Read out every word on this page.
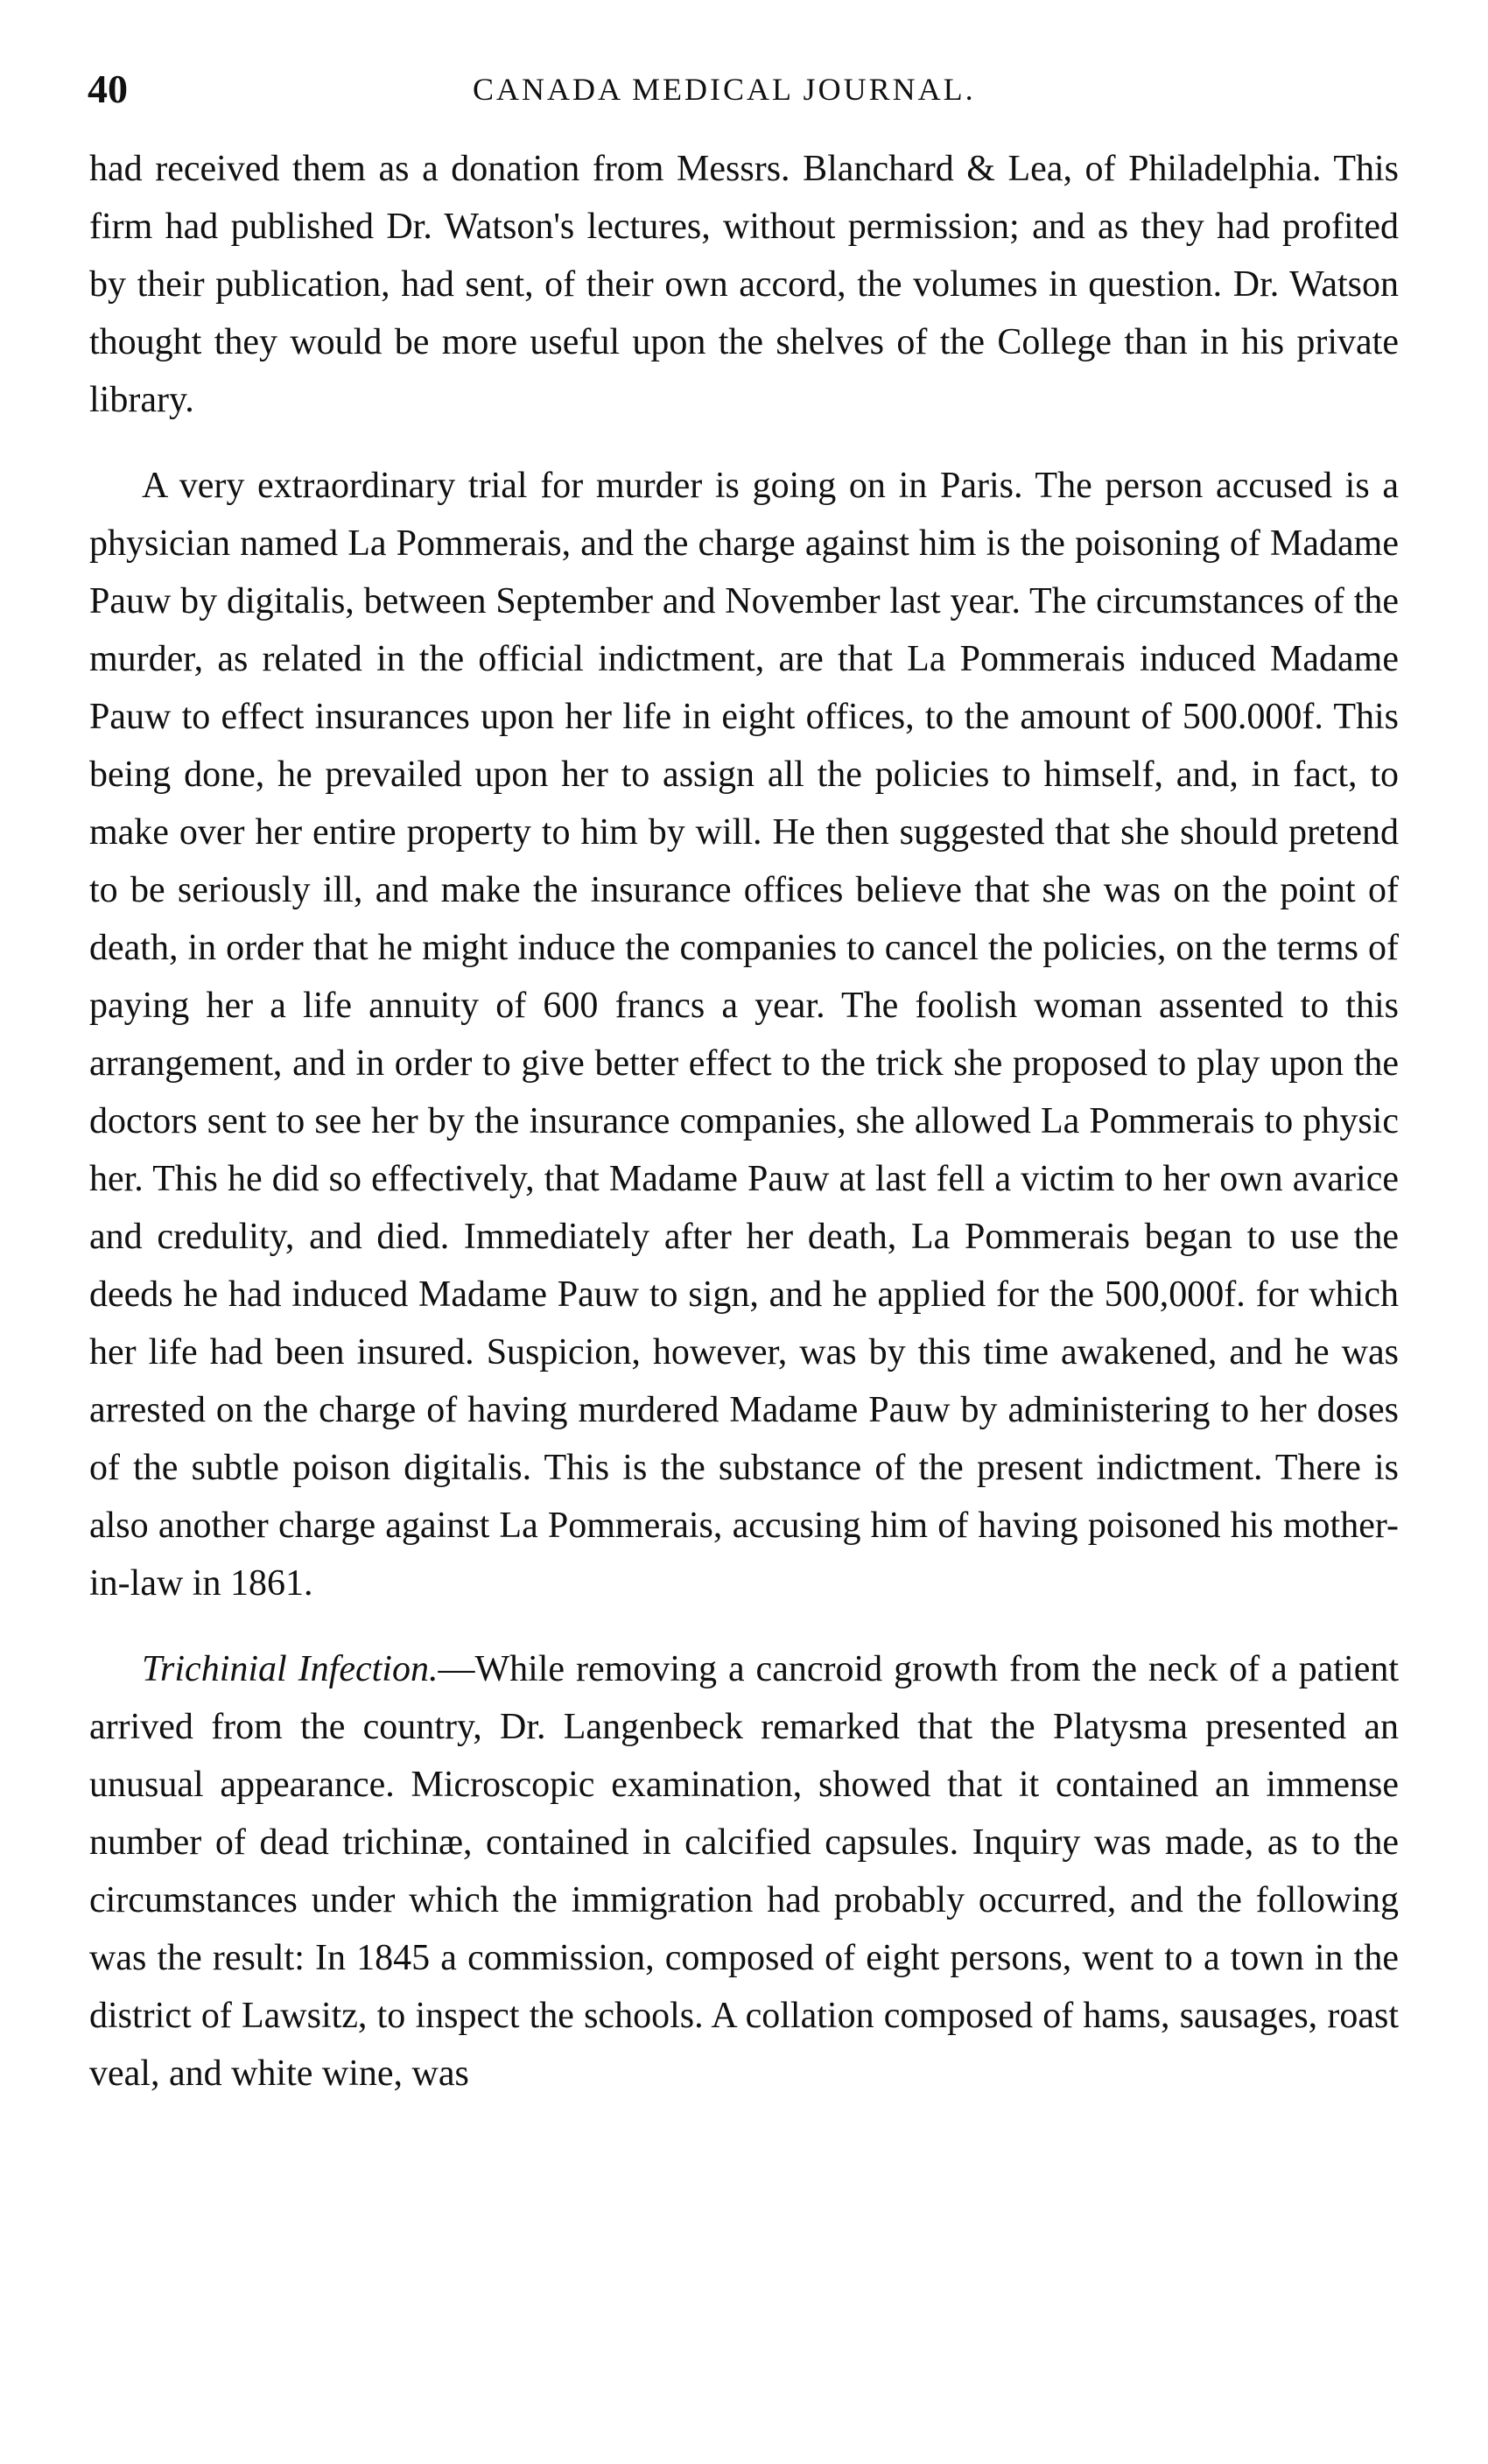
40	CANADA MEDICAL JOURNAL.

had received them as a donation from Messrs. Blanchard & Lea, of Philadelphia. This firm had published Dr. Watson's lectures, without permission; and as they had profited by their publication, had sent, of their own accord, the volumes in question. Dr. Watson thought they would be more useful upon the shelves of the College than in his private library.

A very extraordinary trial for murder is going on in Paris. The person accused is a physician named La Pommerais, and the charge against him is the poisoning of Madame Pauw by digitalis, between September and November last year. The circumstances of the murder, as related in the official indictment, are that La Pommerais induced Madame Pauw to effect insurances upon her life in eight offices, to the amount of 500.000f. This being done, he prevailed upon her to assign all the policies to himself, and, in fact, to make over her entire property to him by will. He then suggested that she should pretend to be seriously ill, and make the insurance offices believe that she was on the point of death, in order that he might induce the companies to cancel the policies, on the terms of paying her a life annuity of 600 francs a year. The foolish woman assented to this arrangement, and in order to give better effect to the trick she proposed to play upon the doctors sent to see her by the insurance companies, she allowed La Pommerais to physic her. This he did so effectively, that Madame Pauw at last fell a victim to her own avarice and credulity, and died. Immediately after her death, La Pommerais began to use the deeds he had induced Madame Pauw to sign, and he applied for the 500,000f. for which her life had been insured. Suspicion, however, was by this time awakened, and he was arrested on the charge of having murdered Madame Pauw by administering to her doses of the subtle poison digitalis. This is the substance of the present indictment. There is also another charge against La Pommerais, accusing him of having poisoned his mother-in-law in 1861.

Trichinial Infection.—While removing a cancroid growth from the neck of a patient arrived from the country, Dr. Langenbeck remarked that the Platysma presented an unusual appearance. Microscopic examination, showed that it contained an immense number of dead trichinæ, contained in calcified capsules. Inquiry was made, as to the circumstances under which the immigration had probably occurred, and the following was the result: In 1845 a commission, composed of eight persons, went to a town in the district of Lawsitz, to inspect the schools. A collation composed of hams, sausages, roast veal, and white wine, was
